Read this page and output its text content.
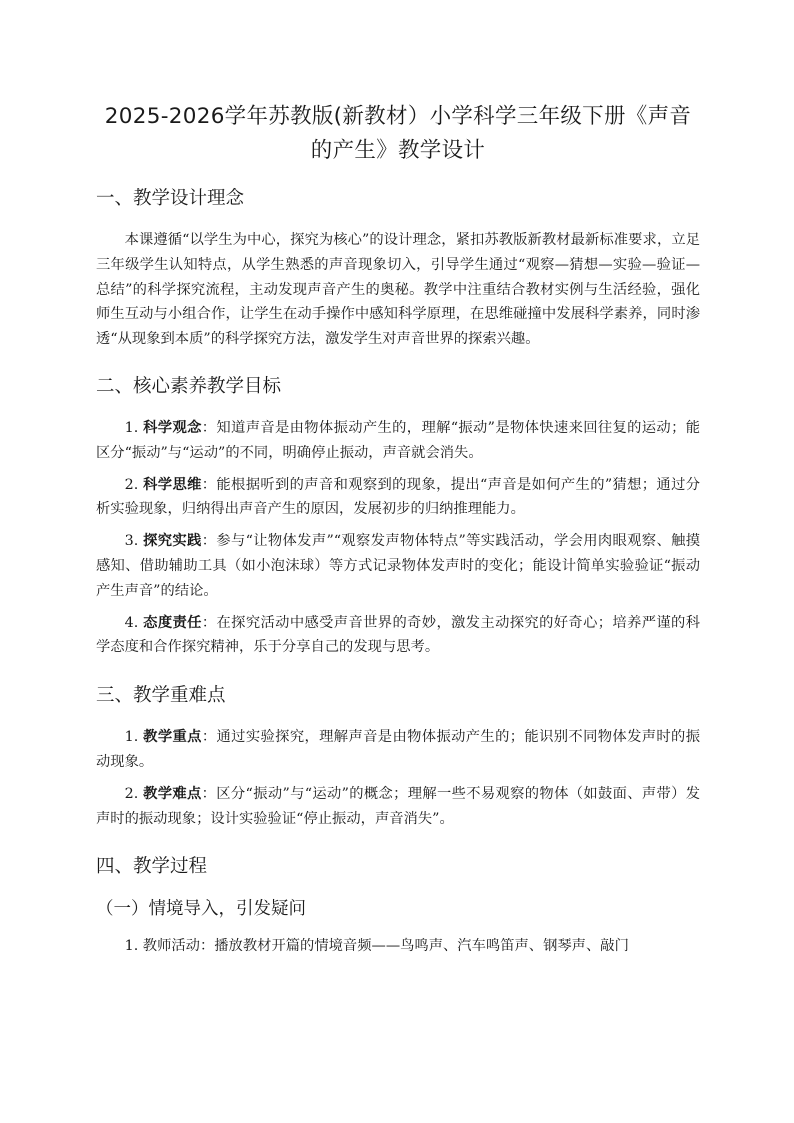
2025-2026学年苏教版(新教材）小学科学三年级下册《声音的产生》教学设计
一、教学设计理念

本课遵循“以学生为中心，探究为核心”的设计理念，紧扣苏教版新教材最新标准要求，立足三年级学生认知特点，从学生熟悉的声音现象切入，引导学生通过“观察—猜想—实验—验证—总结”的科学探究流程，主动发现声音产生的奥秘。教学中注重结合教材实例与生活经验，强化师生互动与小组合作，让学生在动手操作中感知科学原理，在思维碰撞中发展科学素养，同时渗透“从现象到本质”的科学探究方法，激发学生对声音世界的探索兴趣。

二、核心素养教学目标

1. 科学观念：知道声音是由物体振动产生的，理解“振动”是物体快速来回往复的运动；能区分“振动”与“运动”的不同，明确停止振动，声音就会消失。

2. 科学思维：能根据听到的声音和观察到的现象，提出“声音是如何产生的”猜想；通过分析实验现象，归纳得出声音产生的原因，发展初步的归纳推理能力。

3. 探究实践：参与“让物体发声”“观察发声物体特点”等实践活动，学会用肉眼观察、触摸感知、借助辅助工具（如小泡沫球）等方式记录物体发声时的变化；能设计简单实验验证“振动产生声音”的结论。

4. 态度责任：在探究活动中感受声音世界的奇妙，激发主动探究的好奇心；培养严谨的科学态度和合作探究精神，乐于分享自己的发现与思考。

三、教学重难点

1. 教学重点：通过实验探究，理解声音是由物体振动产生的；能识别不同物体发声时的振动现象。

2. 教学难点：区分“振动”与“运动”的概念；理解一些不易观察的物体（如鼓面、声带）发声时的振动现象；设计实验验证“停止振动，声音消失”。

四、教学过程
（一）情境导入，引发疑问

1. 教师活动：播放教材开篇的情境音频——鸟鸣声、汽车鸣笛声、钢琴声、敲门
